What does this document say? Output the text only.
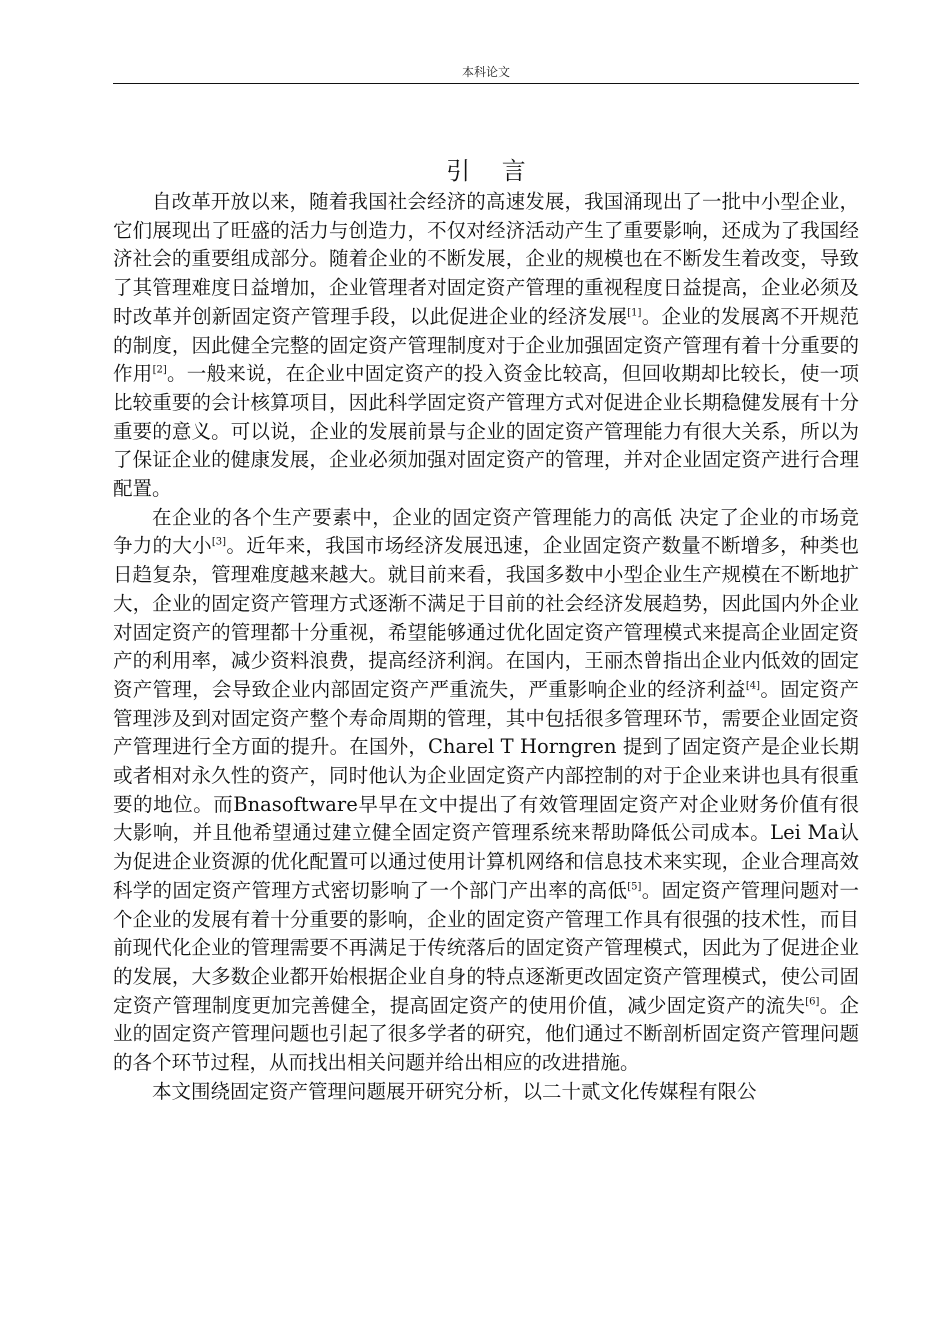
本科论文
引 言

自改革开放以来，随着我国社会经济的高速发展，我国涌现出了一批中小型企业，它们展现出了旺盛的活力与创造力，不仅对经济活动产生了重要影响，还成为了我国经济社会的重要组成部分。随着企业的不断发展，企业的规模也在不断发生着改变，导致了其管理难度日益增加，企业管理者对固定资产管理的重视程度日益提高，企业必须及时改革并创新固定资产管理手段，以此促进企业的经济发展[1]。企业的发展离不开规范的制度，因此健全完整的固定资产管理制度对于企业加强固定资产管理有着十分重要的作用[2]。一般来说，在企业中固定资产的投入资金比较高，但回收期却比较长，使一项比较重要的会计核算项目，因此科学固定资产管理方式对促进企业长期稳健发展有十分重要的意义。可以说，企业的发展前景与企业的固定资产管理能力有很大关系，所以为了保证企业的健康发展，企业必须加强对固定资产的管理，并对企业固定资产进行合理配置。

在企业的各个生产要素中，企业的固定资产管理能力的高低 决定了企业的市场竞争力的大小[3]。近年来，我国市场经济发展迅速，企业固定资产数量不断增多，种类也日趋复杂，管理难度越来越大。就目前来看，我国多数中小型企业生产规模在不断地扩大，企业的固定资产管理方式逐渐不满足于目前的社会经济发展趋势，因此国内外企业对固定资产的管理都十分重视，希望能够通过优化固定资产管理模式来提高企业固定资产的利用率，减少资料浪费，提高经济利润。在国内，王丽杰曾指出企业内低效的固定资产管理，会导致企业内部固定资产严重流失，严重影响企业的经济利益[4]。固定资产管理涉及到对固定资产整个寿命周期的管理，其中包括很多管理环节，需要企业固定资产管理进行全方面的提升。在国外，Charel T Horngren 提到了固定资产是企业长期或者相对永久性的资产，同时他认为企业固定资产内部控制的对于企业来讲也具有很重要的地位。而Bnasoftware早早在文中提出了有效管理固定资产对企业财务价值有很大影响，并且他希望通过建立健全固定资产管理系统来帮助降低公司成本。Lei Ma认为促进企业资源的优化配置可以通过使用计算机网络和信息技术来实现，企业合理高效科学的固定资产管理方式密切影响了一个部门产出率的高低[5]。固定资产管理问题对一个企业的发展有着十分重要的影响，企业的固定资产管理工作具有很强的技术性，而目前现代化企业的管理需要不再满足于传统落后的固定资产管理模式，因此为了促进企业的发展，大多数企业都开始根据企业自身的特点逐渐更改固定资产管理模式，使公司固定资产管理制度更加完善健全，提高固定资产的使用价值，减少固定资产的流失[6]。企业的固定资产管理问题也引起了很多学者的研究，他们通过不断剖析固定资产管理问题的各个环节过程，从而找出相关问题并给出相应的改进措施。

本文围绕固定资产管理问题展开研究分析，以二十贰文化传媒程有限公
